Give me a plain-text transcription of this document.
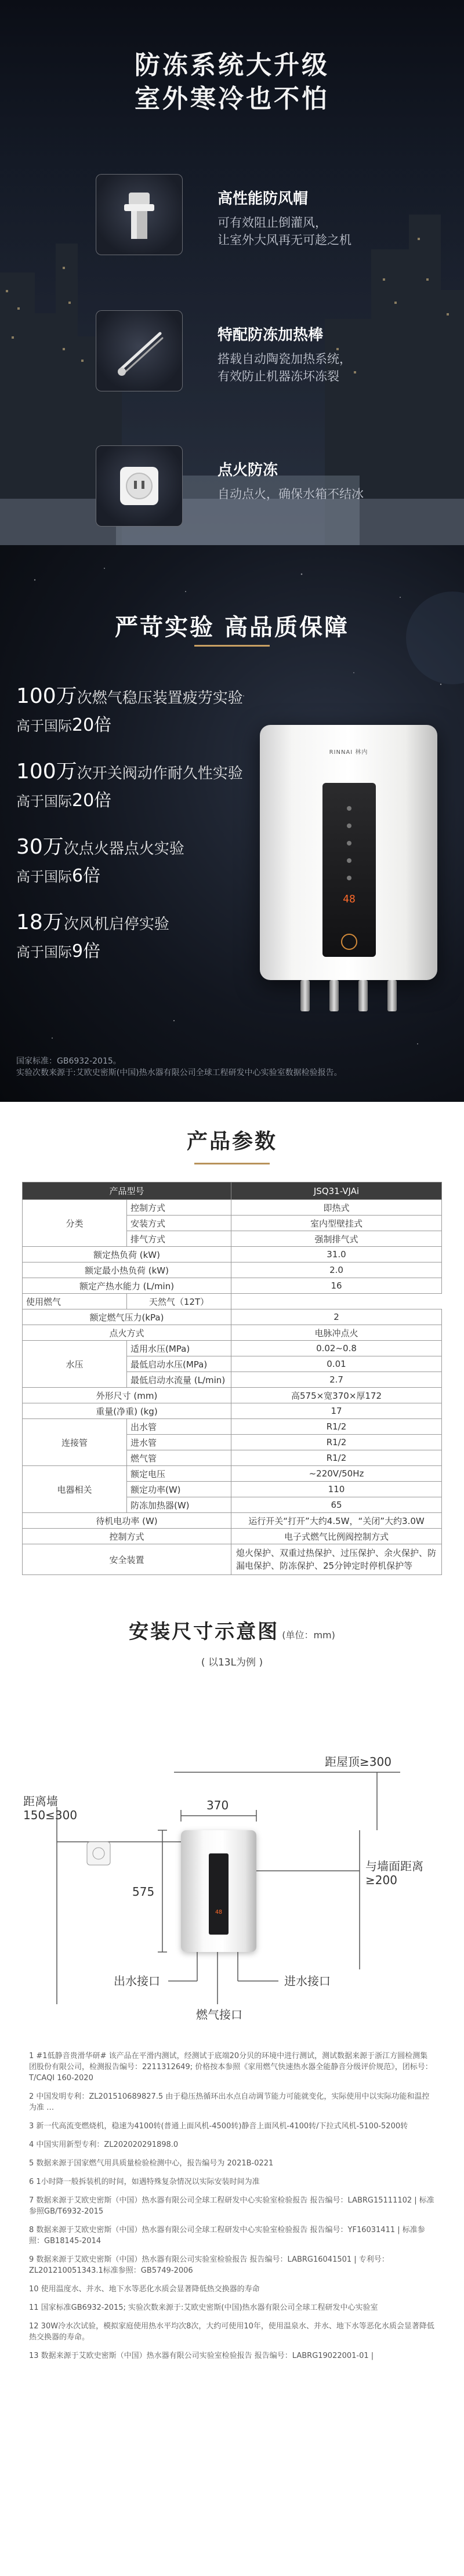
防冻系统大升级
室外寒冷也不怕
高性能防风帽
可有效阻止倒灌风，
让室外大风再无可趁之机
特配防冻加热棒
搭载自动陶瓷加热系统，
有效防止机器冻坏冻裂
点火防冻
自动点火，确保水箱不结冰
严苛实验 高品质保障
100万次燃气稳压装置疲劳实验
高于国际20倍
100万次开关阀动作耐久性实验
高于国际20倍
30万次点火器点火实验
高于国际6倍
18万次风机启停实验
高于国际9倍
RINNAI 林内
48
国家标准：GB6932-2015。
实验次数来源于:艾欧史密斯(中国)热水器有限公司全球工程研发中心实验室数据检验报告。
产品参数
产品型号		JSQ31-VJAi
分类	控制方式	即热式
	安装方式	室内型壁挂式
	排气方式	强制排气式
额定热负荷 (kW)		31.0
额定最小热负荷 (kW)		2.0
额定产热水能力 (L/min)		16
使用燃气	天然气（12T）	
额定燃气压力(kPa)		2
点火方式		电脉冲点火
水压	适用水压(MPa)	0.02~0.8
	最低启动水压(MPa)	0.01
	最低启动水流量 (L/min)	2.7
外形尺寸 (mm)		高575×宽370×厚172
重量(净重) (kg)		17
连接管	出水管	R1/2
	进水管	R1/2
	燃气管	R1/2
电器相关	额定电压	~220V/50Hz
	额定功率(W)	110
	防冻加热器(W)	65
待机电功率 (W)		运行开关“打开”大约4.5W，“关闭”大约3.0W
控制方式		电子式燃气比例阀控制方式
安全装置		熄火保护、双重过热保护、过压保护、余火保护、防漏电保护、防冻保护、25分钟定时停机保护等
安装尺寸示意图 (单位：mm)
( 以13L为例 )
48
距离墙
150≤300
370
距屋顶≥300
575
与墙面距离
≥200
出水接口
燃气接口
进水接口
1 #1低静音贵滑华研# 该产品在平滑内测试，经测试于底端20分贝的环境中进行测试，测试数据来源于浙江方圆检测集团股份有限公司，检测报告编号：2211312649; 价格按本参照《家用燃气快速热水器全能静音分级评价规范》，团标号：T/CAQI 160-2020
2 中国发明专利：ZL201510689827.5 由于稳压热循环出水点自动调节能力可能就变化，实际使用中以实际功能和温控为准 …
3 新一代高流变燃烧机，稳速为4100转(普通上面风机-4500转)静音上面风机-4100转/下拉式风机-5100-5200转
4 中国实用新型专利：ZL202020291898.0
5 数据来源于国家燃气用具质量检验检测中心，报告编号为 2021B-0221
6 1小时降一般拆装机的时间，如遇特殊复杂情况以实际安装时间为准
7 数据来源于艾欧史密斯（中国）热水器有限公司全球工程研发中心实验室检验报告 报告编号：LABRG15111102 | 标准参照GB/T6932-2015
8 数据来源于艾欧史密斯（中国）热水器有限公司全球工程研发中心实验室检验报告 报告编号：YF16031411 | 标准参照：GB18145-2014
9 数据来源于艾欧史密斯（中国）热水器有限公司实验室检验报告 报告编号：LABRG16041501 | 专利号：ZL201210051343.1标准参照：GB5749-2006
10 使用温度水、并水、地下水等恶化水质会显著降低热交换器的寿命
11 国家标准GB6932-2015; 实验次数来源于:艾欧史密斯(中国)热水器有限公司全球工程研发中心实验室
12 30W冷水次试验，模拟家庭使用热水平均次8次，大约可使用10年，使用温泉水、并水、地下水等恶化水质会显著降低热交换器的寿命。
13 数据来源于艾欧史密斯（中国）热水器有限公司实验室检验报告 报告编号：LABRG19022001-01 |
